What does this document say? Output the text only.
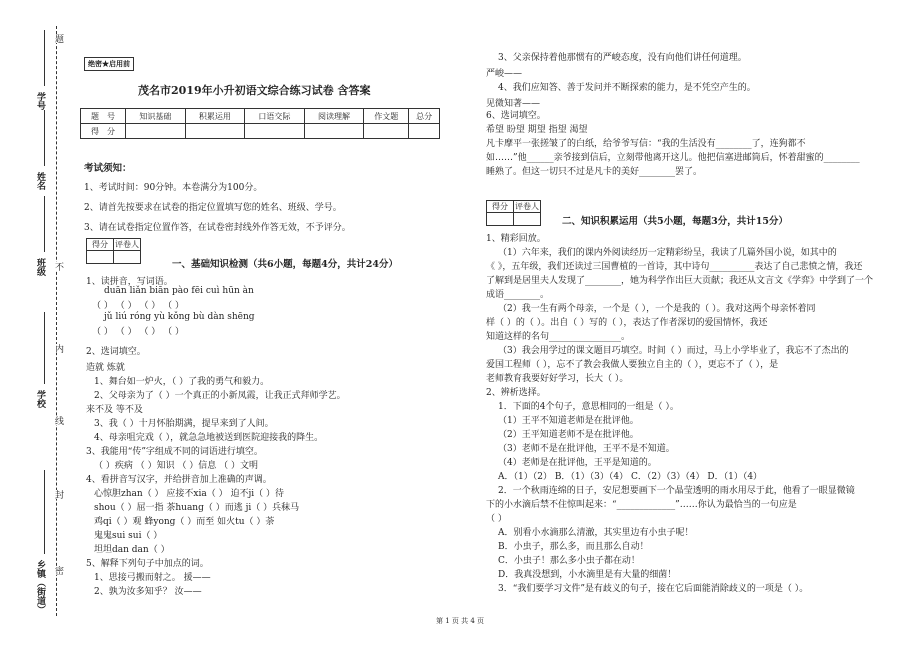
学号
姓名
班级
学校
乡镇（街道）
题
不
内
线
封
密
绝密★启用前
茂名市2019年小升初语文综合练习试卷 含答案
题　号	知识基础	积累运用	口语交际	阅读理解	作文题	总分
得　分						
考试须知：
1、考试时间：90分钟。本卷满分为100分。
2、请首先按要求在试卷的指定位置填写您的姓名、班级、学号。
3、请在试卷指定位置作答，在试卷密封线外作答无效，不予评分。
得分 评卷人
一、基础知识检测（共6小题，每题4分，共计24分）
1、读拼音，写词语。
duān liǎn biān pào fēi cuì hūn àn
（ ） （ ） （ ） （ ）
jǔ liú róng yù kǒng bù dàn shēng
（ ） （ ） （ ） （ ）
2、选词填空。
造就 炼就
1、舞台如一炉火，（ ）了我的勇气和毅力。
2、父母亲为了（ ）一个真正的小新凤霞，让我正式拜师学艺。
来不及 等不及
3、我（ ）十月怀胎期满，提早来到了人间。
4、母亲咀完戏（ ），就急急地被送到医院迎接我的降生。
3、我能用“传”字组成不同的词语进行填空。
（ ）疾病 （ ）知识 （ ）信息 （ ）文明
4、看拼音写汉字，并给拼音加上准确的声调。
心惊胆zhan（ ） 应接不xia（ ） 迫不ji（ ）待
shou（ ）屈一指 茶huang（ ）而逃 ji（ ）兵秣马
鸡qi（ ）观 蜂yong（ ）而至 如火tu（ ）荼
鬼鬼sui sui（ ）
坦坦dan dan（ ）
5、解释下列句子中加点的词。
1、思接弓搬而射之。 援——
2、孰为汝多知乎？ 汝——
3、父亲保持着他那惯有的严峻态度，没有向他们讲任何道理。
严峻——
4、我们应知答、善于发问并不断探索的能力，是不凭空产生的。
见微知著——
6、选词填空。
希望 盼望 期望 指望 渴望
凡卡摩平一张搓皱了的白纸，给爷爷写信：“我的生活没有________了，连狗都不
如……”他______亲爷接到信后，立刻带他离开这儿。他把信塞进邮筒后，怀着甜蜜的________
睡熟了。但这一切只不过是凡卡的美好________罢了。
得分 评卷人
二、知识积累运用（共5小题，每题3分，共计15分）
1、精彩回放。
（1）六年来，我们的课内外阅读经历一定精彩纷呈，我读了几篇外国小说，如其中的
《 》，五年级，我们还读过三国曹植的一首诗，其中诗句__________表达了自己悲愤之情，我还
了解到是居里夫人发现了________，她为科学作出巨大贡献；我还从文言文《学弈》中学到了一个
成语________。
（2）我一生有两个母亲，一个是（ ），一个是我的（ ）。我对这两个母亲怀着同
样（ ）的（ ）。出自（ ）写的（ ），表达了作者深切的爱国情怀，我还
知道这样的名句________________。
（3）我会用学过的课文题目巧填空。时间（ ）而过，马上小学毕业了，我忘不了杰出的
爱国工程师（ ），忘不了教会我做人要独立自主的（ ），更忘不了（ ），是
老师教育我要好好学习，长大（ ）。
2、辨析选择。
1．下面的4个句子，意思相同的一组是（ ）。
（1）王平不知道老师是在批评他。
（2）王平知道老师不是在批评他。
（3）老师不是在批评他，王平不是不知道。
（4）老师是在批评他，王平是知道的。
A．（1）（2） B．（1）（3）（4） C．（2）（3）（4） D．（1）（4）
2．一个秋雨连绵的日子，安尼想要画下一个晶莹透明的雨水用尽于此，他看了一眼显微镜
下的小水滴后禁不住惊叫起来：“_____________”……你认为最恰当的一句应是
（ ）
A．别看小水滴那么清澈，其实里边有小虫子呢！
B．小虫子，那么多，而且那么自动！
C．小虫子！那么多小虫子都在动！
D．我真没想到，小水滴里是有大量的细菌！
3．“我们要学习文件”是有歧义的句子，接在它后面能消除歧义的一项是（ ）。
第 1 页 共 4 页
